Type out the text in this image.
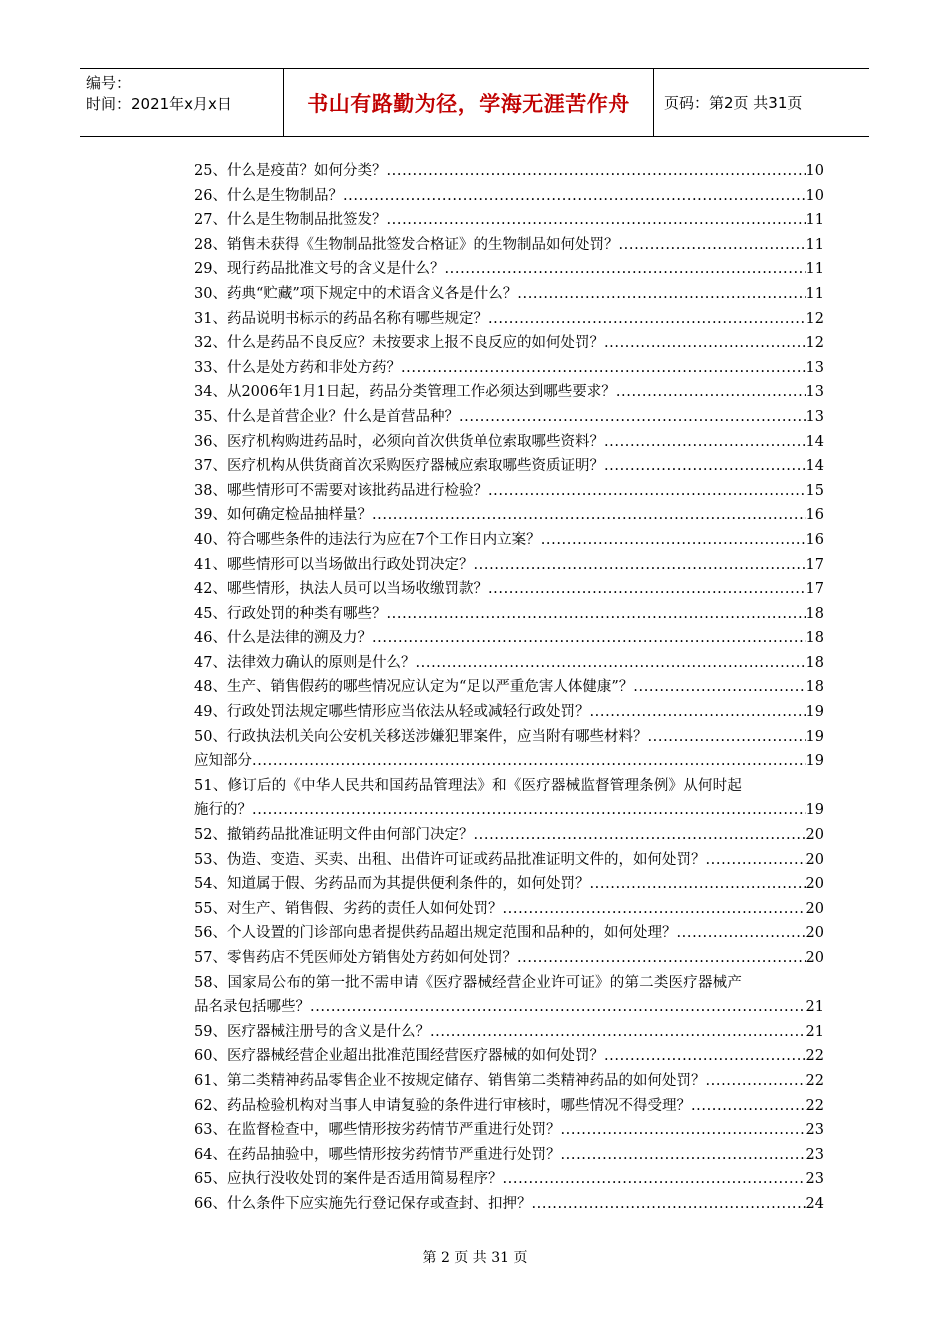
编号：
时间：2021年x月x日	书山有路勤为径，学海无涯苦作舟	页码：第2页 共31页
25、什么是疫苗？如何分类？ .....	10
26、什么是生物制品？ .....	10
27、什么是生物制品批签发？ .....	11
28、销售未获得《生物制品批签发合格证》的生物制品如何处罚？ .....	11
29、现行药品批准文号的含义是什么？ .....	11
30、药典“贮藏”项下规定中的术语含义各是什么？ .....	11
31、药品说明书标示的药品名称有哪些规定？ .....	12
32、什么是药品不良反应？未按要求上报不良反应的如何处罚？ .....	12
33、什么是处方药和非处方药？ .....	13
34、从2006年1月1日起，药品分类管理工作必须达到哪些要求？ .....	13
35、什么是首营企业？什么是首营品种？ .....	13
36、医疗机构购进药品时，必须向首次供货单位索取哪些资料？ .....	14
37、医疗机构从供货商首次采购医疗器械应索取哪些资质证明？ .....	14
38、哪些情形可不需要对该批药品进行检验？ .....	15
39、如何确定检品抽样量？ .....	16
40、符合哪些条件的违法行为应在7个工作日内立案？ .....	16
41、哪些情形可以当场做出行政处罚决定？ .....	17
42、哪些情形，执法人员可以当场收缴罚款？ .....	17
45、行政处罚的种类有哪些？ .....	18
46、什么是法律的溯及力？ .....	18
47、法律效力确认的原则是什么？ .....	18
48、生产、销售假药的哪些情况应认定为“足以严重危害人体健康”？ .....	18
49、行政处罚法规定哪些情形应当依法从轻或减轻行政处罚？ .....	19
50、行政执法机关向公安机关移送涉嫌犯罪案件，应当附有哪些材料？ .....	19
应知部分 .....	19
51、修订后的《中华人民共和国药品管理法》和《医疗器械监督管理条例》从何时起
施行的？ .....	19
52、撤销药品批准证明文件由何部门决定？ .....	20
53、伪造、变造、买卖、出租、出借许可证或药品批准证明文件的，如何处罚？ .....	20
54、知道属于假、劣药品而为其提供便利条件的，如何处罚？ .....	20
55、对生产、销售假、劣药的责任人如何处罚？ .....	20
56、个人设置的门诊部向患者提供药品超出规定范围和品种的，如何处理？ .....	20
57、零售药店不凭医师处方销售处方药如何处罚？ .....	20
58、国家局公布的第一批不需申请《医疗器械经营企业许可证》的第二类医疗器械产
品名录包括哪些？ .....	21
59、医疗器械注册号的含义是什么？ .....	21
60、医疗器械经营企业超出批准范围经营医疗器械的如何处罚？ .....	22
61、第二类精神药品零售企业不按规定储存、销售第二类精神药品的如何处罚？ .....	22
62、药品检验机构对当事人申请复验的条件进行审核时，哪些情况不得受理？ .....	22
63、在监督检查中，哪些情形按劣药情节严重进行处罚？ .....	23
64、在药品抽验中，哪些情形按劣药情节严重进行处罚？ .....	23
65、应执行没收处罚的案件是否适用简易程序？ .....	23
66、什么条件下应实施先行登记保存或查封、扣押？ .....	24
第 2 页 共 31 页
